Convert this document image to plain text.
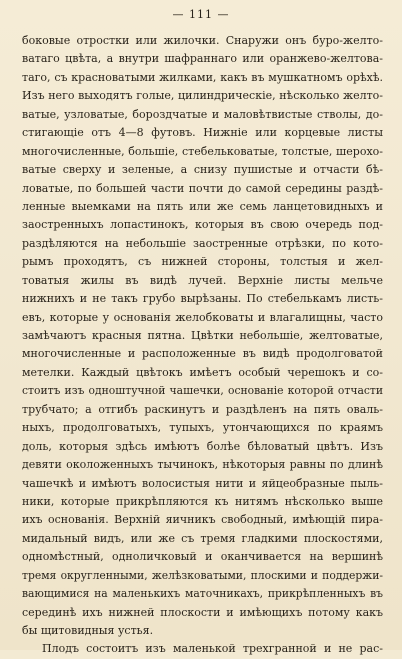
— 111 —
боковые отростки или жилочки. Снаружи онъ буро-желто-
ватаго цвѣта, а внутри шафраннаго или оранжево-желтова-
таго, съ красноватыми жилками, какъ въ мушкатномъ орѣхѣ.
Изъ него выходятъ голые, цилиндрическіе, нѣсколько желто-
ватые, узловатые, бороздчатые и маловѣтвистые стволы, до-
стигающіе отъ 4—8 футовъ. Нижніе или корцевые листы
многочисленные, большіе, стебельковатые, толстые, шерохо-
ватые сверху и зеленые, а снизу пушистые и отчасти бѣ-
ловатые, по большей части почти до самой середины раздѣ-
ленные выемками на пять или же семь ланцетовидныхъ и
заостренныхъ лопастинокъ, которыя въ свою очередь под-
раздѣляются на небольшіе заостренные отрѣзки, по кото-
рымъ проходятъ, съ нижней стороны, толстыя и жел-
товатыя жилы въ видѣ лучей. Верхніе листы мельче
нижнихъ и не такъ грубо вырѣзаны. По стебелькамъ листь-
евъ, которые у основанія желобковаты и влагалищны, часто
замѣчаютъ красныя пятна. Цвѣтки небольшіе, желтоватые,
многочисленные и расположенные въ видѣ продолговатой
метелки. Каждый цвѣтокъ имѣетъ особый черешокъ и со-
стоитъ изъ одноштучной чашечки, основаніе которой отчасти
трубчато; а отгибъ раскинутъ и раздѣленъ на пять оваль-
ныхъ, продолговатыхъ, тупыхъ, утончающихся по краямъ
доль, которыя здѣсь имѣютъ болѣе бѣловатый цвѣтъ. Изъ
девяти околоженныхъ тычинокъ, нѣкоторыя равны по длинѣ
чашечкѣ и имѣютъ волосистыя нити и яйцеобразные пыль-
ники, которые прикрѣпляются къ нитямъ нѣсколько выше
ихъ основанія. Верхній яичникъ свободный, имѣющій пира-
мидальный видъ, или же съ тремя гладкими плоскостями,
одномѣстный, одноличковый и оканчивается на вершинѣ
тремя округленными, желѣзковатыми, плоскими и поддержи-
вающимися на маленькихъ маточникахъ, прикрѣпленныхъ въ
серединѣ ихъ нижней плоскости и имѣющихъ потому какъ
бы щитовидныя устья.
Плодъ состоитъ изъ маленькой трехгранной и не рас-
